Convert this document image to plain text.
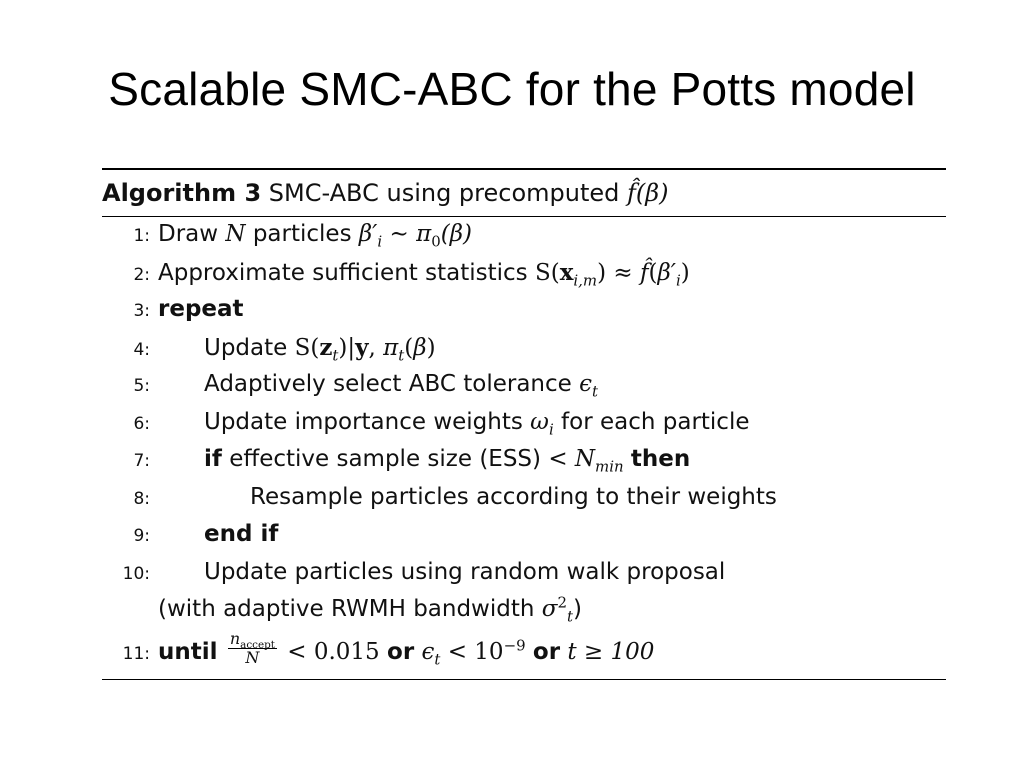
Scalable SMC-ABC for the Potts model
Algorithm 3 SMC-ABC using precomputed f̂(β)
1: Draw N particles $\beta'_i$ ∼ $\pi_0(\beta)$
2: Approximate sufficient statistics $S(x_{i,m})$ ≈ $f̂(\beta'_i)$
3: repeat
4:	Update $S(z_t)|y$, $\pi_t(\beta)$
5:	Adaptively select ABC tolerance $\epsilon_t$
6:	Update importance weights $\omega_i$ for each particle
7:	if effective sample size $(ESS) < N_{min}$ then
8:	Resample particles according to their weights
9:	end if
10:	Update particles using random walk proposal
(with adaptive RWMH bandwidth $\sigma^2_t$)
11: until $\frac{n_{accept}}{N} < 0.015$ or $\epsilon_t < 10^{-9}$ or t ≥ 100
